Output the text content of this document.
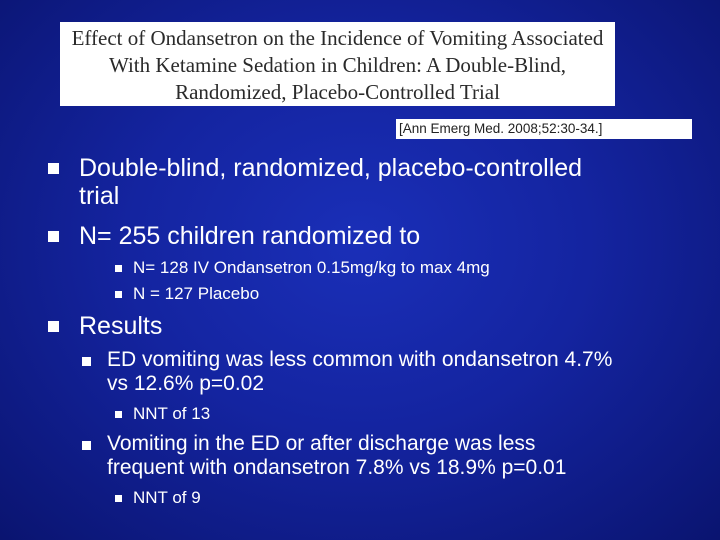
Effect of Ondansetron on the Incidence of Vomiting Associated
With Ketamine Sedation in Children: A Double-Blind,
Randomized, Placebo-Controlled Trial
[Ann Emerg Med. 2008;52:30-34.]
Double-blind, randomized, placebo-controlled
trial
N= 255 children randomized to
N= 128 IV Ondansetron 0.15mg/kg to max 4mg
N = 127 Placebo
Results
ED vomiting was less common with ondansetron 4.7%
vs 12.6% p=0.02
NNT of 13
Vomiting in the ED or after discharge was less
frequent with ondansetron 7.8% vs 18.9% p=0.01
NNT of 9
